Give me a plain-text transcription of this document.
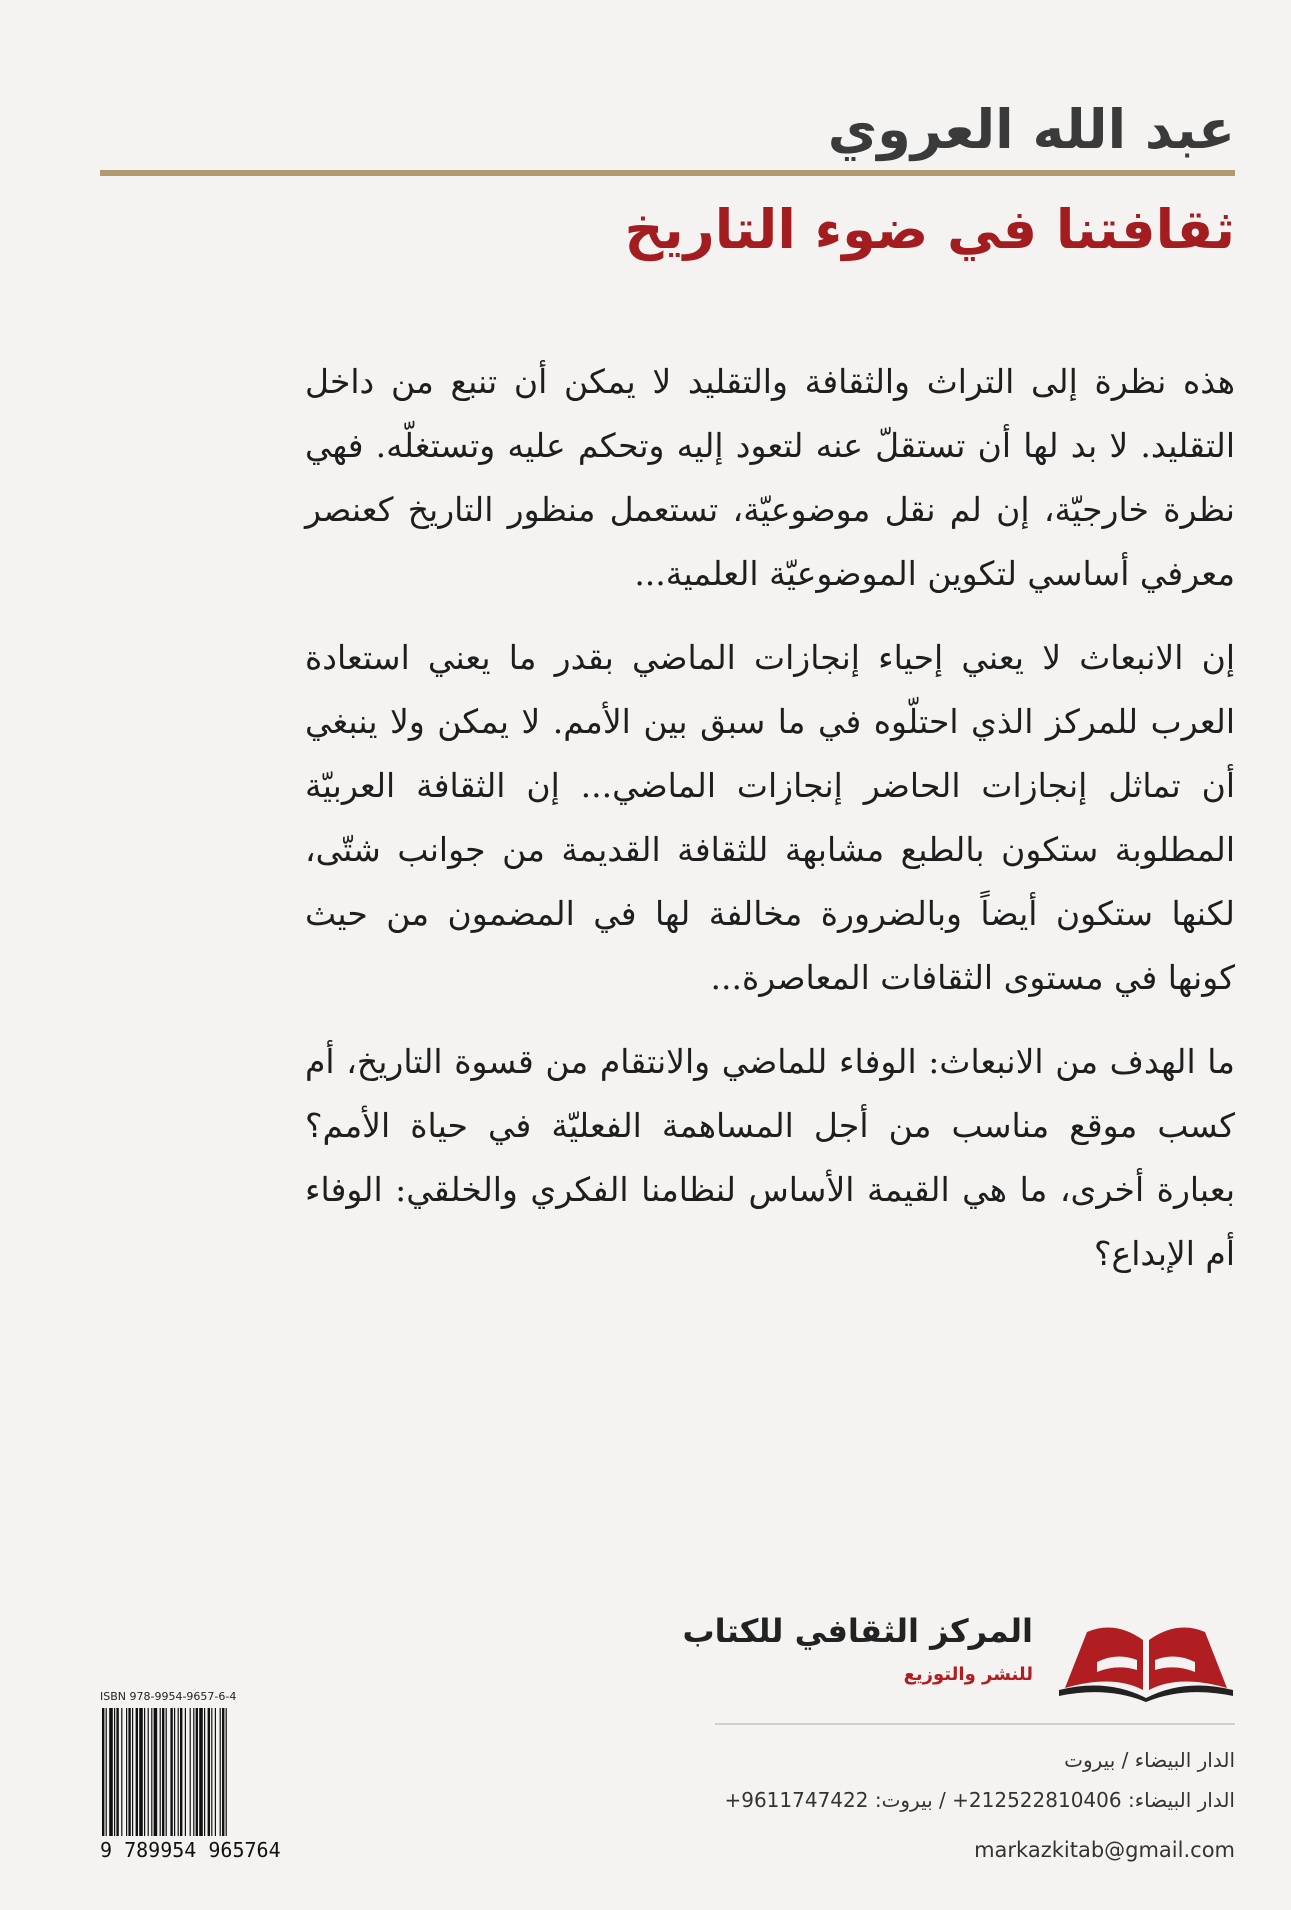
عبد الله العروي
ثقافتنا في ضوء التاريخ

هذه نظرة إلى التراث والثقافة والتقليد لا يمكن أن تنبع من داخل التقليد. لا بد لها أن تستقلّ عنه لتعود إليه وتحكم عليه وتستغلّه. فهي نظرة خارجيّة، إن لم نقل موضوعيّة، تستعمل منظور التاريخ كعنصر معرفي أساسي لتكوين الموضوعيّة العلمية...

إن الانبعاث لا يعني إحياء إنجازات الماضي بقدر ما يعني استعادة العرب للمركز الذي احتلّوه في ما سبق بين الأمم. لا يمكن ولا ينبغي أن تماثل إنجازات الحاضر إنجازات الماضي... إن الثقافة العربيّة المطلوبة ستكون بالطبع مشابهة للثقافة القديمة من جوانب شتّى، لكنها ستكون أيضاً وبالضرورة مخالفة لها في المضمون من حيث كونها في مستوى الثقافات المعاصرة...

ما الهدف من الانبعاث: الوفاء للماضي والانتقام من قسوة التاريخ، أم كسب موقع مناسب من أجل المساهمة الفعليّة في حياة الأمم؟ بعبارة أخرى، ما هي القيمة الأساس لنظامنا الفكري والخلقي: الوفاء أم الإبداع؟

المركز الثقافي للكتاب
للنشر والتوزيع
الدار البيضاء / بيروت
الدار البيضاء: 212522810406+ / بيروت: 9611747422+
markazkitab@gmail.com
ISBN 978-9954-9657-6-4
9 789954 965764
